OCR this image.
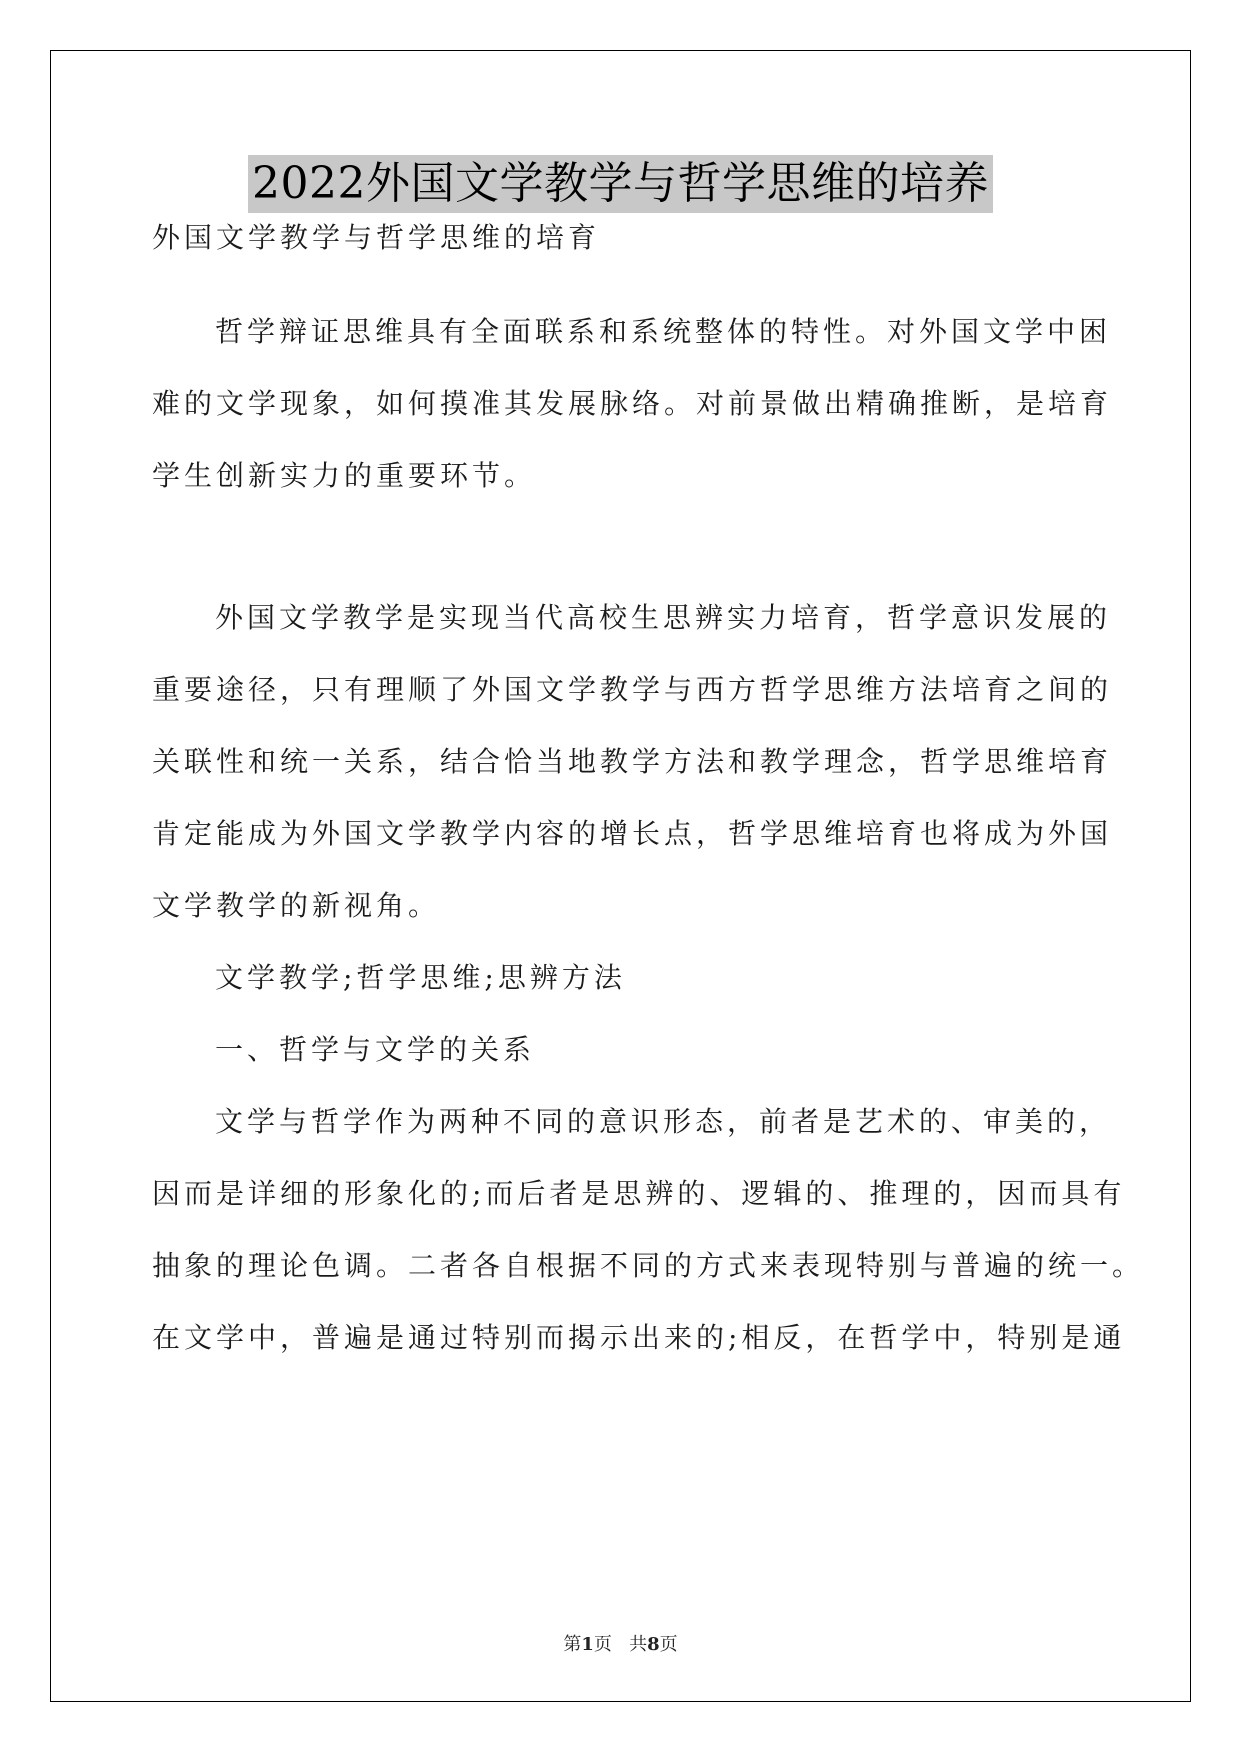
2022外国文学教学与哲学思维的培养
外国文学教学与哲学思维的培育
哲学辩证思维具有全面联系和系统整体的特性。对外国文学中困
难的文学现象，如何摸准其发展脉络。对前景做出精确推断，是培育
学生创新实力的重要环节。
外国文学教学是实现当代高校生思辨实力培育，哲学意识发展的
重要途径，只有理顺了外国文学教学与西方哲学思维方法培育之间的
关联性和统一关系，结合恰当地教学方法和教学理念，哲学思维培育
肯定能成为外国文学教学内容的增长点，哲学思维培育也将成为外国
文学教学的新视角。
文学教学;哲学思维;思辨方法
一、哲学与文学的关系
文学与哲学作为两种不同的意识形态，前者是艺术的、审美的，
因而是详细的形象化的;而后者是思辨的、逻辑的、推理的，因而具有
抽象的理论色调。二者各自根据不同的方式来表现特别与普遍的统一。
在文学中，普遍是通过特别而揭示出来的;相反，在哲学中，特别是通
第1页   共8页
